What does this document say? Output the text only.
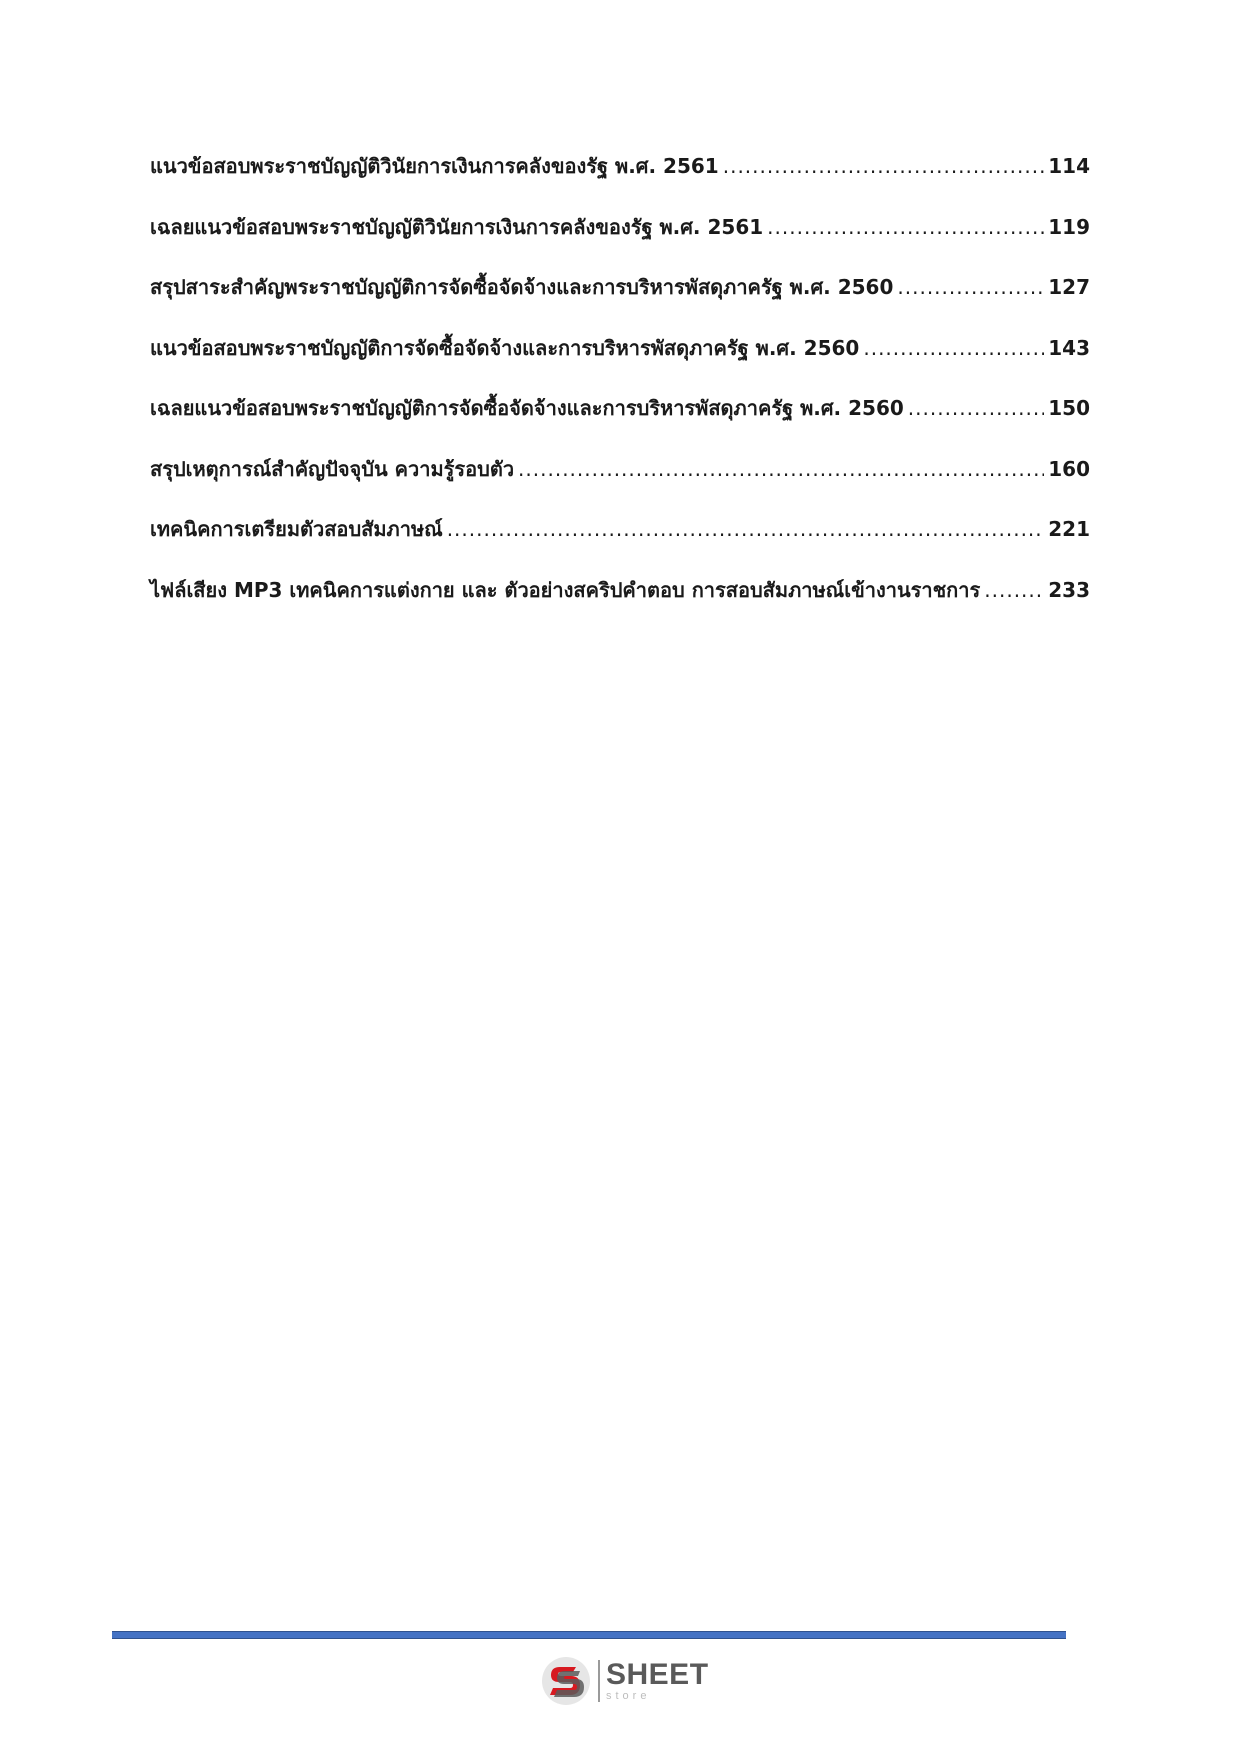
แนวข้อสอบพระราชบัญญัติวินัยการเงินการคลังของรัฐ พ.ศ. 2561 .....	114
เฉลยแนวข้อสอบพระราชบัญญัติวินัยการเงินการคลังของรัฐ พ.ศ. 2561 .....	119
สรุปสาระสำคัญพระราชบัญญัติการจัดซื้อจัดจ้างและการบริหารพัสดุภาครัฐ พ.ศ. 2560 .....	127
แนวข้อสอบพระราชบัญญัติการจัดซื้อจัดจ้างและการบริหารพัสดุภาครัฐ พ.ศ. 2560 .....	143
เฉลยแนวข้อสอบพระราชบัญญัติการจัดซื้อจัดจ้างและการบริหารพัสดุภาครัฐ พ.ศ. 2560 .....	150
สรุปเหตุการณ์สำคัญปัจจุบัน ความรู้รอบตัว .....	160
เทคนิคการเตรียมตัวสอบสัมภาษณ์ .....	221
ไฟล์เสียง MP3 เทคนิคการแต่งกาย และ ตัวอย่างสคริปคำตอบ การสอบสัมภาษณ์เข้างานราชการ .....	233
SHEET
store
